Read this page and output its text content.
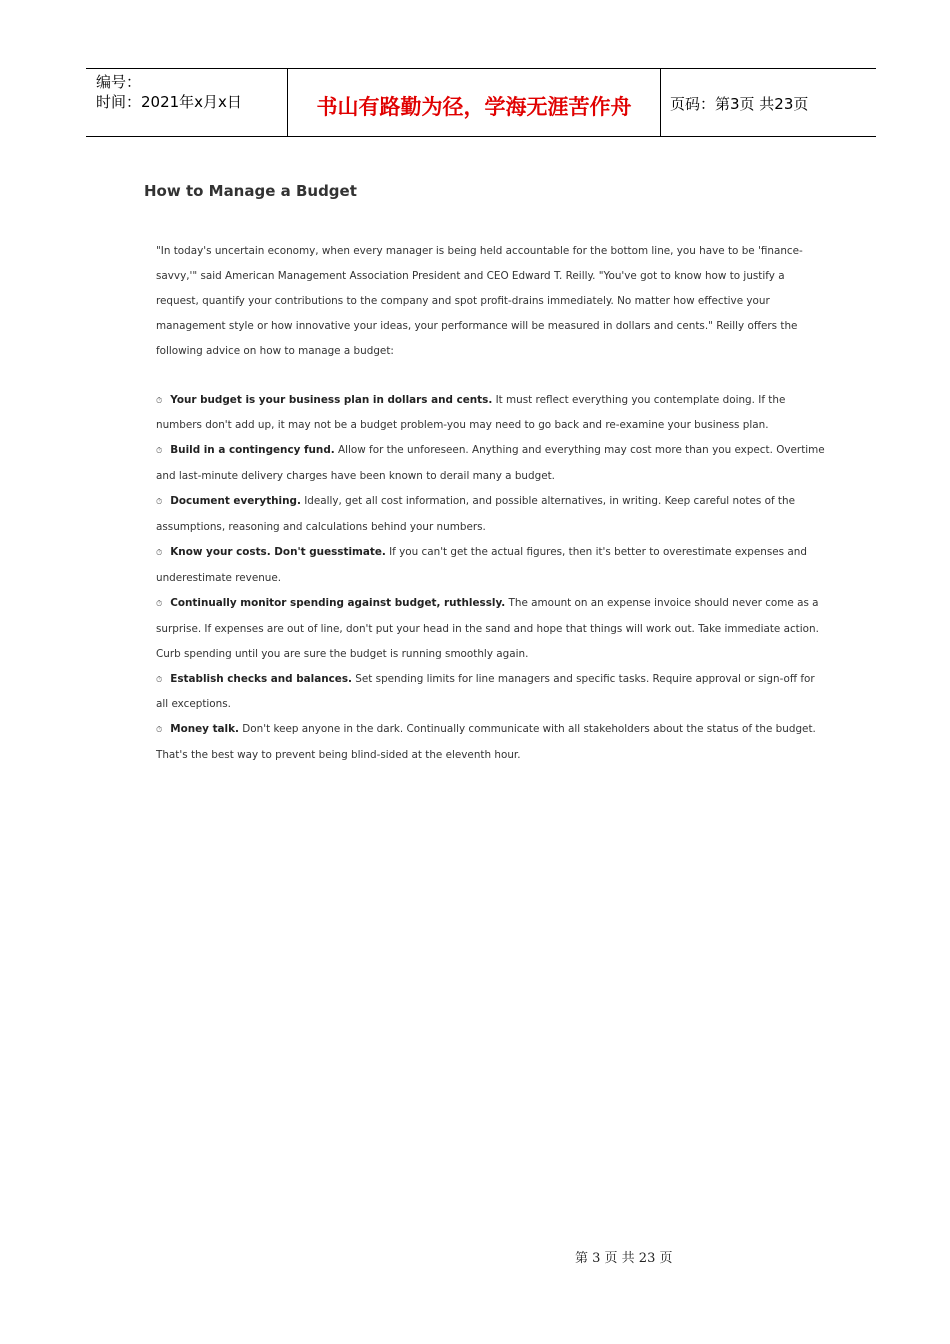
编号：
时间：2021年x月x日	书山有路勤为径，学海无涯苦作舟	页码：第3页 共23页
How to Manage a Budget

"In today's uncertain economy, when every manager is being held accountable for the bottom line, you have to be 'finance-savvy,'" said American Management Association President and CEO Edward T. Reilly. "You've got to know how to justify a request, quantify your contributions to the company and spot profit-drains immediately. No matter how effective your management style or how innovative your ideas, your performance will be measured in dollars and cents." Reilly offers the following advice on how to manage a budget:

⏱ Your budget is your business plan in dollars and cents. It must reflect everything you contemplate doing. If the numbers don't add up, it may not be a budget problem-you may need to go back and re-examine your business plan.

⏱ Build in a contingency fund. Allow for the unforeseen. Anything and everything may cost more than you expect. Overtime and last-minute delivery charges have been known to derail many a budget.

⏱ Document everything. Ideally, get all cost information, and possible alternatives, in writing. Keep careful notes of the assumptions, reasoning and calculations behind your numbers.

⏱ Know your costs. Don't guesstimate. If you can't get the actual figures, then it's better to overestimate expenses and underestimate revenue.

⏱ Continually monitor spending against budget, ruthlessly. The amount on an expense invoice should never come as a surprise. If expenses are out of line, don't put your head in the sand and hope that things will work out. Take immediate action. Curb spending until you are sure the budget is running smoothly again.

⏱ Establish checks and balances. Set spending limits for line managers and specific tasks. Require approval or sign-off for all exceptions.

⏱ Money talk. Don't keep anyone in the dark. Continually communicate with all stakeholders about the status of the budget. That's the best way to prevent being blind-sided at the eleventh hour.

第 3 页 共 23 页
